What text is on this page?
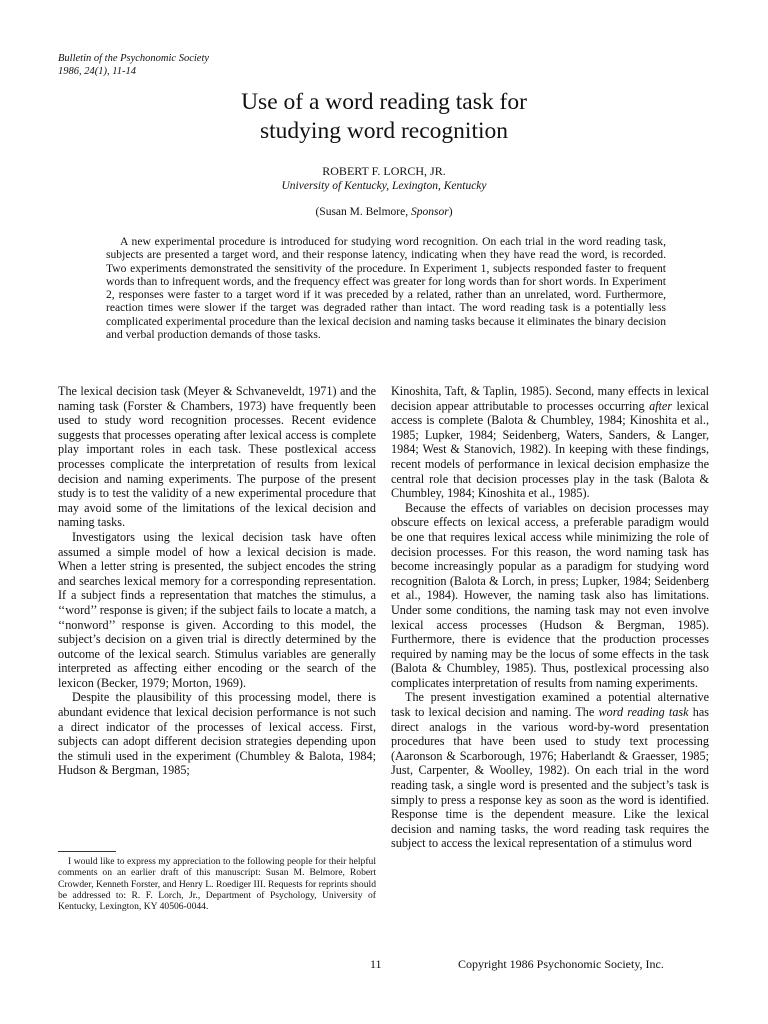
Bulletin of the Psychonomic Society
1986, 24(1), 11-14
Use of a word reading task for
studying word recognition
ROBERT F. LORCH, JR.
University of Kentucky, Lexington, Kentucky
(Susan M. Belmore, Sponsor)

A new experimental procedure is introduced for studying word recognition. On each trial in the word reading task, subjects are presented a target word, and their response latency, indicating when they have read the word, is recorded. Two experiments demonstrated the sensitivity of the procedure. In Experiment 1, subjects responded faster to frequent words than to infrequent words, and the frequency effect was greater for long words than for short words. In Experiment 2, responses were faster to a target word if it was preceded by a related, rather than an unrelated, word. Furthermore, reaction times were slower if the target was degraded rather than intact. The word reading task is a potentially less complicated experimental procedure than the lexical decision and naming tasks because it eliminates the binary decision and verbal production demands of those tasks.

The lexical decision task (Meyer & Schvaneveldt, 1971) and the naming task (Forster & Chambers, 1973) have frequently been used to study word recognition processes. Recent evidence suggests that processes operating after lexical access is complete play important roles in each task. These postlexical access processes complicate the interpretation of results from lexical decision and naming experiments. The purpose of the present study is to test the validity of a new experimental procedure that may avoid some of the limitations of the lexical decision and naming tasks.

Investigators using the lexical decision task have often assumed a simple model of how a lexical decision is made. When a letter string is presented, the subject encodes the string and searches lexical memory for a corresponding representation. If a subject finds a representation that matches the stimulus, a ‘‘word’’ response is given; if the subject fails to locate a match, a ‘‘nonword’’ response is given. According to this model, the subject’s decision on a given trial is directly determined by the outcome of the lexical search. Stimulus variables are generally interpreted as affecting either encoding or the search of the lexicon (Becker, 1979; Morton, 1969).

Despite the plausibility of this processing model, there is abundant evidence that lexical decision performance is not such a direct indicator of the processes of lexical access. First, subjects can adopt different decision strategies depending upon the stimuli used in the experiment (Chumbley & Balota, 1984; Hudson & Bergman, 1985;

I would like to express my appreciation to the following people for their helpful comments on an earlier draft of this manuscript: Susan M. Belmore, Robert Crowder, Kenneth Forster, and Henry L. Roediger III. Requests for reprints should be addressed to: R. F. Lorch, Jr., Department of Psychology, University of Kentucky, Lexington, KY 40506-0044.

Kinoshita, Taft, & Taplin, 1985). Second, many effects in lexical decision appear attributable to processes occurring after lexical access is complete (Balota & Chumbley, 1984; Kinoshita et al., 1985; Lupker, 1984; Seidenberg, Waters, Sanders, & Langer, 1984; West & Stanovich, 1982). In keeping with these findings, recent models of performance in lexical decision emphasize the central role that decision processes play in the task (Balota & Chumbley, 1984; Kinoshita et al., 1985).

Because the effects of variables on decision processes may obscure effects on lexical access, a preferable paradigm would be one that requires lexical access while minimizing the role of decision processes. For this reason, the word naming task has become increasingly popular as a paradigm for studying word recognition (Balota & Lorch, in press; Lupker, 1984; Seidenberg et al., 1984). However, the naming task also has limitations. Under some conditions, the naming task may not even involve lexical access processes (Hudson & Bergman, 1985). Furthermore, there is evidence that the production processes required by naming may be the locus of some effects in the task (Balota & Chumbley, 1985). Thus, postlexical processing also complicates interpretation of results from naming experiments.

The present investigation examined a potential alternative task to lexical decision and naming. The word reading task has direct analogs in the various word-by-word presentation procedures that have been used to study text processing (Aaronson & Scarborough, 1976; Haberlandt & Graesser, 1985; Just, Carpenter, & Woolley, 1982). On each trial in the word reading task, a single word is presented and the subject’s task is simply to press a response key as soon as the word is identified. Response time is the dependent measure. Like the lexical decision and naming tasks, the word reading task requires the subject to access the lexical representation of a stimulus word

11	Copyright 1986 Psychonomic Society, Inc.
